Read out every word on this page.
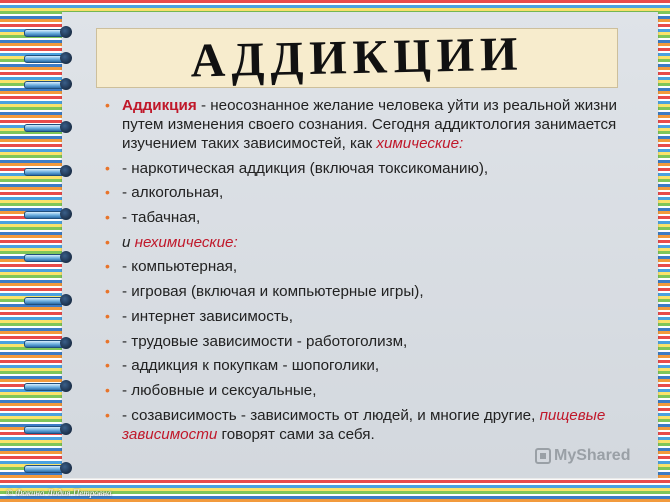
АДДИКЦИИ
• Аддикция - неосознанное желание человека уйти из реальной жизни путем изменения своего сознания. Сегодня аддиктология занимается изучением таких зависимостей, как химические:
• - наркотическая аддикция (включая токсикоманию),
• - алкогольная,
• - табачная,
• и нехимические:
• - компьютерная,
• - игровая (включая и компьютерные игры),
• - интернет зависимость,
• - трудовые зависимости - работоголизм,
• - аддикция к покупкам - шопоголики,
• - любовные и сексуальные,
• - созависимость - зависимость от людей, и многие другие, пищевые зависимости говорят сами за себя.
MyShared
© Фокина Лидия Петровна
